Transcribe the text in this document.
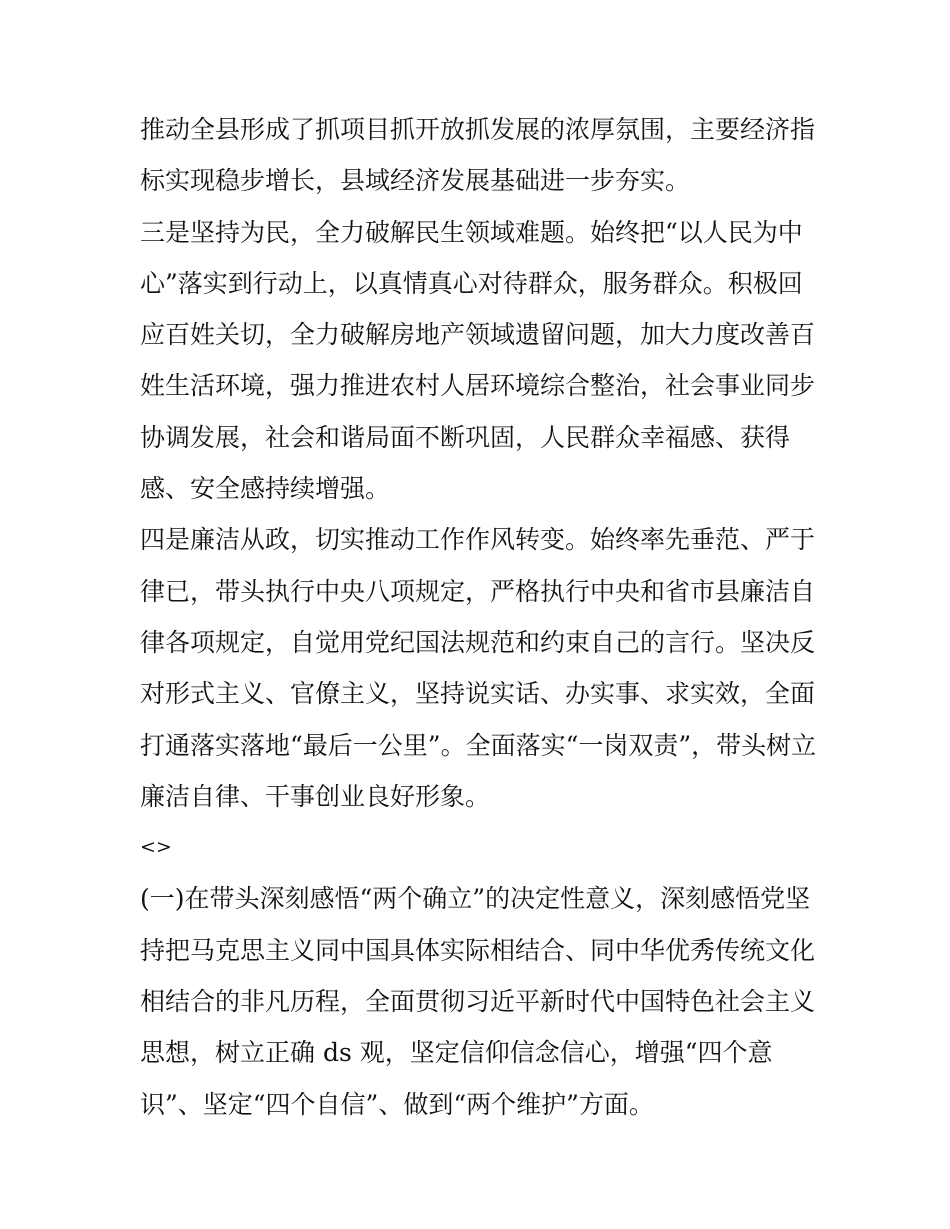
推动全县形成了抓项目抓开放抓发展的浓厚氛围，主要经济指
标实现稳步增长，县域经济发展基础进一步夯实。
三是坚持为民，全力破解民生领域难题。始终把“以人民为中
心”落实到行动上，以真情真心对待群众，服务群众。积极回
应百姓关切，全力破解房地产领域遗留问题，加大力度改善百
姓生活环境，强力推进农村人居环境综合整治，社会事业同步
协调发展，社会和谐局面不断巩固，人民群众幸福感、获得
感、安全感持续增强。
四是廉洁从政，切实推动工作作风转变。始终率先垂范、严于
律已，带头执行中央八项规定，严格执行中央和省市县廉洁自
律各项规定，自觉用党纪国法规范和约束自己的言行。坚决反
对形式主义、官僚主义，坚持说实话、办实事、求实效，全面
打通落实落地“最后一公里”。全面落实“一岗双责”，带头树立
廉洁自律、干事创业良好形象。
<>
(一)在带头深刻感悟“两个确立”的决定性意义，深刻感悟党坚
持把马克思主义同中国具体实际相结合、同中华优秀传统文化
相结合的非凡历程，全面贯彻习近平新时代中国特色社会主义
思想，树立正确 ds 观，坚定信仰信念信心，增强“四个意
识”、坚定“四个自信”、做到“两个维护”方面。
